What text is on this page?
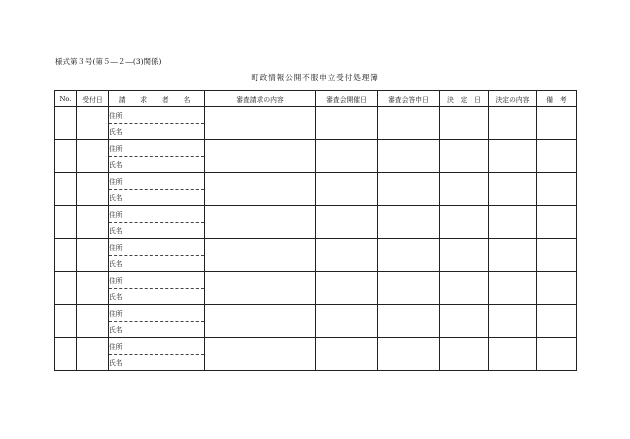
様式第３号(第５―２―(3)関係)
町政情報公開不服申立受付処理簿
No.	受付日	請　求　者　名	審査請求の内容	審査会開催日	審査会答申日	決　定　日	決定の内容	備　考
		住所						
		氏名						
		住所						
		氏名						
		住所						
		氏名						
		住所						
		氏名						
		住所						
		氏名						
		住所						
		氏名						
		住所						
		氏名						
		住所						
		氏名						
